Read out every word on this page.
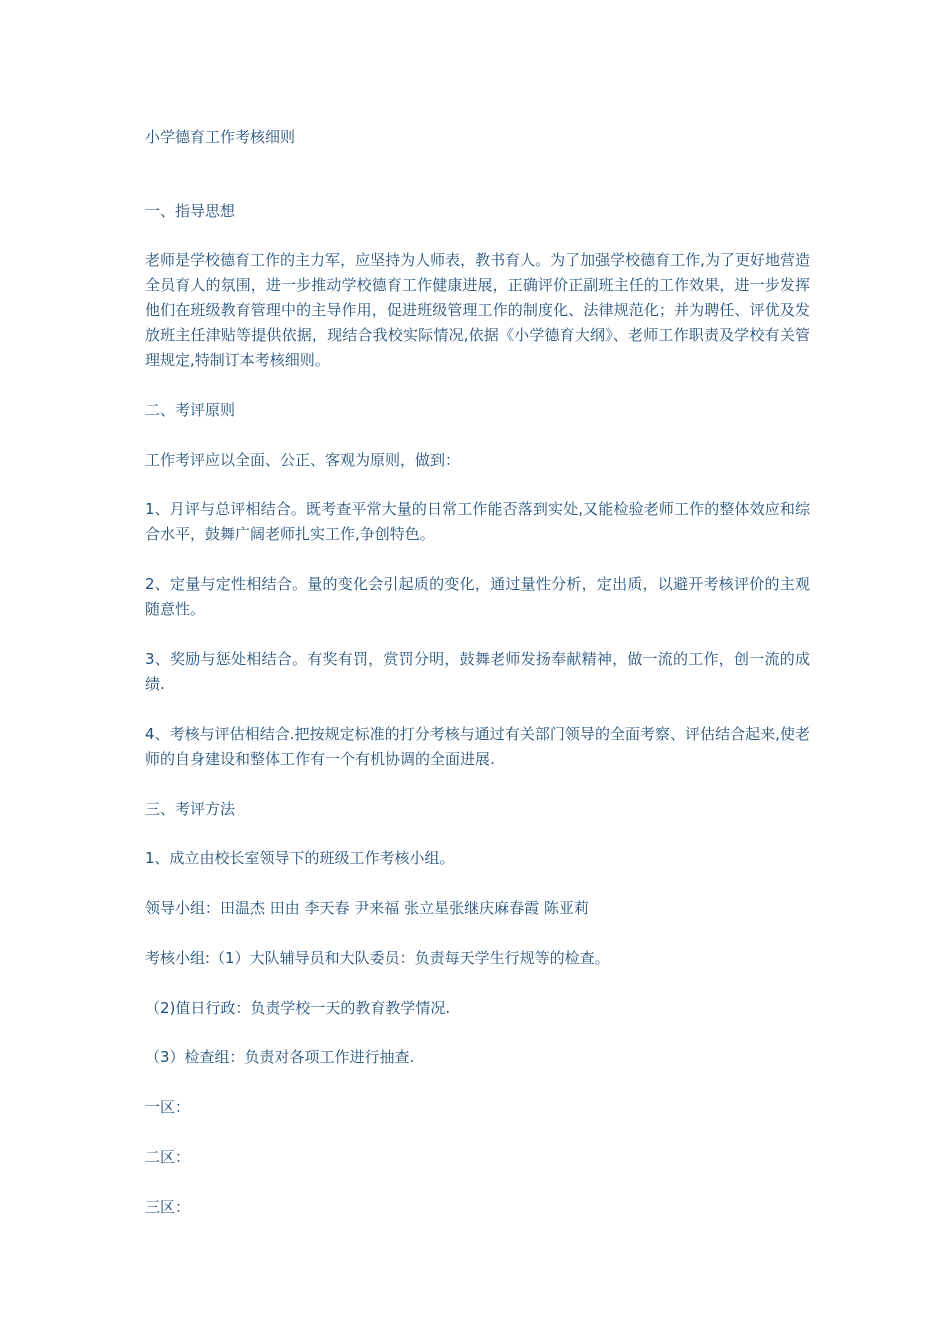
小学德育工作考核细则

一、指导思想

老师是学校德育工作的主力军，应坚持为人师表，教书育人。为了加强学校德育工作,为了更好地营造全员育人的氛围，进一步推动学校德育工作健康进展，正确评价正副班主任的工作效果，进一步发挥他们在班级教育管理中的主导作用，促进班级管理工作的制度化、法律规范化；并为聘任、评优及发放班主任津贴等提供依据，现结合我校实际情况,依据《小学德育大纲》、老师工作职责及学校有关管理规定,特制订本考核细则。

二、考评原则

工作考评应以全面、公正、客观为原则，做到：

1、月评与总评相结合。既考查平常大量的日常工作能否落到实处,又能检验老师工作的整体效应和综合水平，鼓舞广阔老师扎实工作,争创特色。

2、定量与定性相结合。量的变化会引起质的变化，通过量性分析，定出质，以避开考核评价的主观随意性。

3、奖励与惩处相结合。有奖有罚，赏罚分明，鼓舞老师发扬奉献精神，做一流的工作，创一流的成绩.

4、考核与评估相结合.把按规定标准的打分考核与通过有关部门领导的全面考察、评估结合起来,使老师的自身建设和整体工作有一个有机协调的全面进展.

三、考评方法

1、成立由校长室领导下的班级工作考核小组。

领导小组：田温杰 田由 李天春 尹来福 张立星张继庆麻春霞 陈亚莉

考核小组:（1）大队辅导员和大队委员：负责每天学生行规等的检查。

（2)值日行政：负责学校一天的教育教学情况.

（3）检查组：负责对各项工作进行抽查.

一区：

二区：

三区：
